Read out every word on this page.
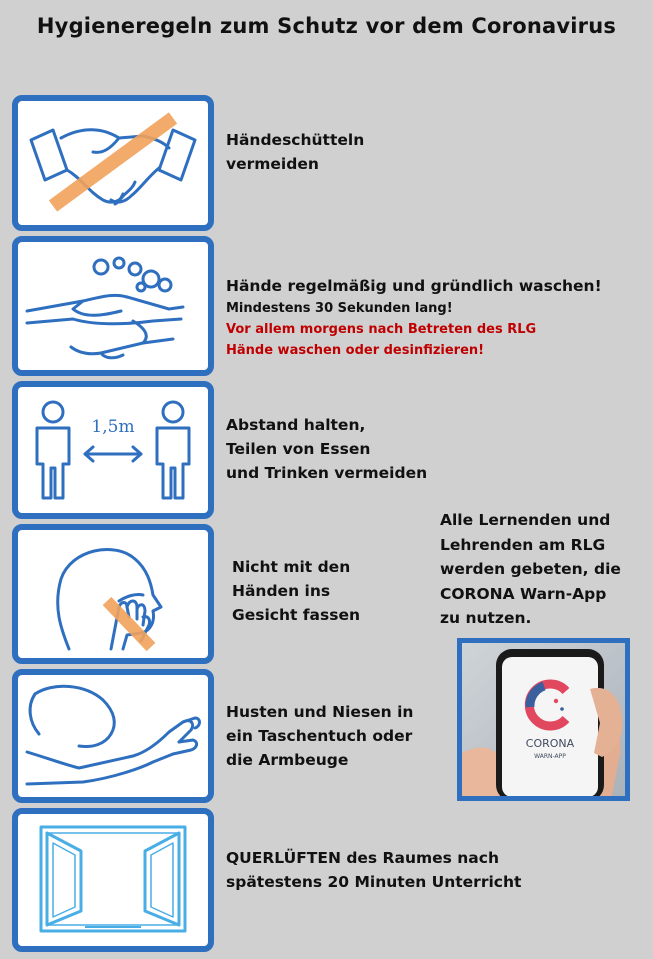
Hygieneregeln zum Schutz vor dem Coronavirus
Händeschütteln
vermeiden
Hände regelmäßig und gründlich waschen!
Mindestens 30 Sekunden lang!
Vor allem morgens nach Betreten des RLG
Hände waschen oder desinfizieren!
1,5m	Abstand halten,
Teilen von Essen
und Trinken vermeiden
Nicht mit den
Händen ins
Gesicht fassen
Husten und Niesen in
ein Taschentuch oder
die Armbeuge
QUERLÜFTEN des Raumes nach
spätestens 20 Minuten Unterricht
Alle Lernenden und
Lehrenden am RLG
werden gebeten, die
CORONA Warn-App
zu nutzen.
CORONA
WARN-APP
